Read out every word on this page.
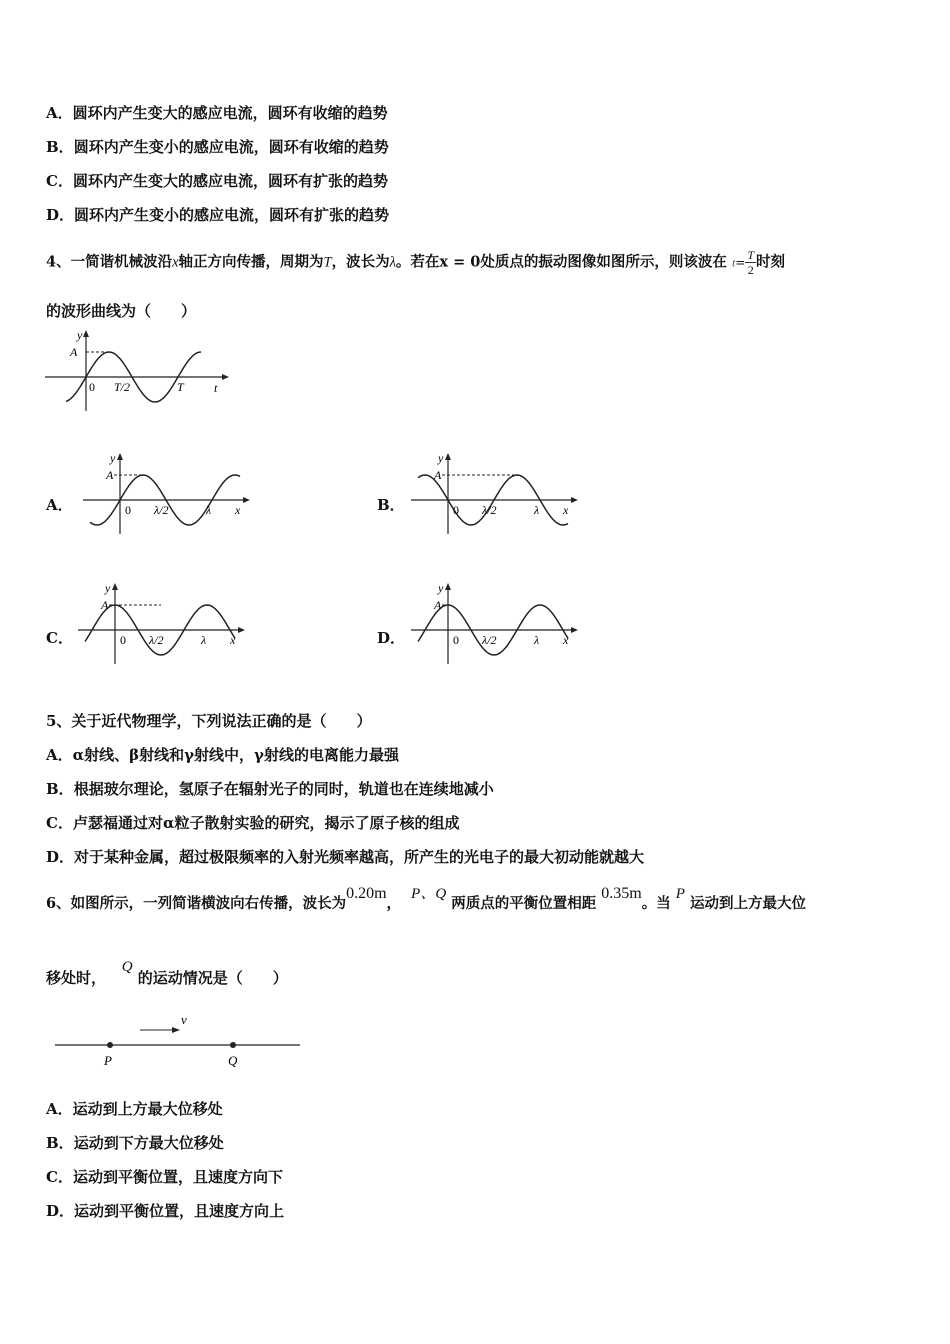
A．圆环内产生变大的感应电流，圆环有收缩的趋势
B．圆环内产生变小的感应电流，圆环有收缩的趋势
C．圆环内产生变大的感应电流，圆环有扩张的趋势
D．圆环内产生变小的感应电流，圆环有扩张的趋势
4、一简谐机械波沿x轴正方向传播，周期为T，波长为λ。若在x = 0处质点的振动图像如图所示，则该波在 $t= \frac{T}{2}$ 时刻
的波形曲线为（　　）
y
A
0 T/2	T	t
A．	B．
C．	D．
y
A
0 λ/2	λ x
y
A
0 λ/2	λ x
y
A
0 λ/2	λ x
y
A
0 λ/2	λ x
5、关于近代物理学，下列说法正确的是（　　）
A．α射线、β射线和γ射线中，γ射线的电离能力最强
B．根据玻尔理论，氢原子在辐射光子的同时，轨道也在连续地减小
C．卢瑟福通过对α粒子散射实验的研究，揭示了原子核的组成
D．对于某种金属，超过极限频率的入射光频率越高，所产生的光电子的最大初动能就越大
6、如图所示，一列简谐横波向右传播，波长为0.20m，  P、Q 两质点的平衡位置相距 0.35m。当 P 运动到上方最大位
移处时，   Q 的运动情况是（　　）
v
P	Q
A．运动到上方最大位移处
B．运动到下方最大位移处
C．运动到平衡位置，且速度方向下
D．运动到平衡位置，且速度方向上
